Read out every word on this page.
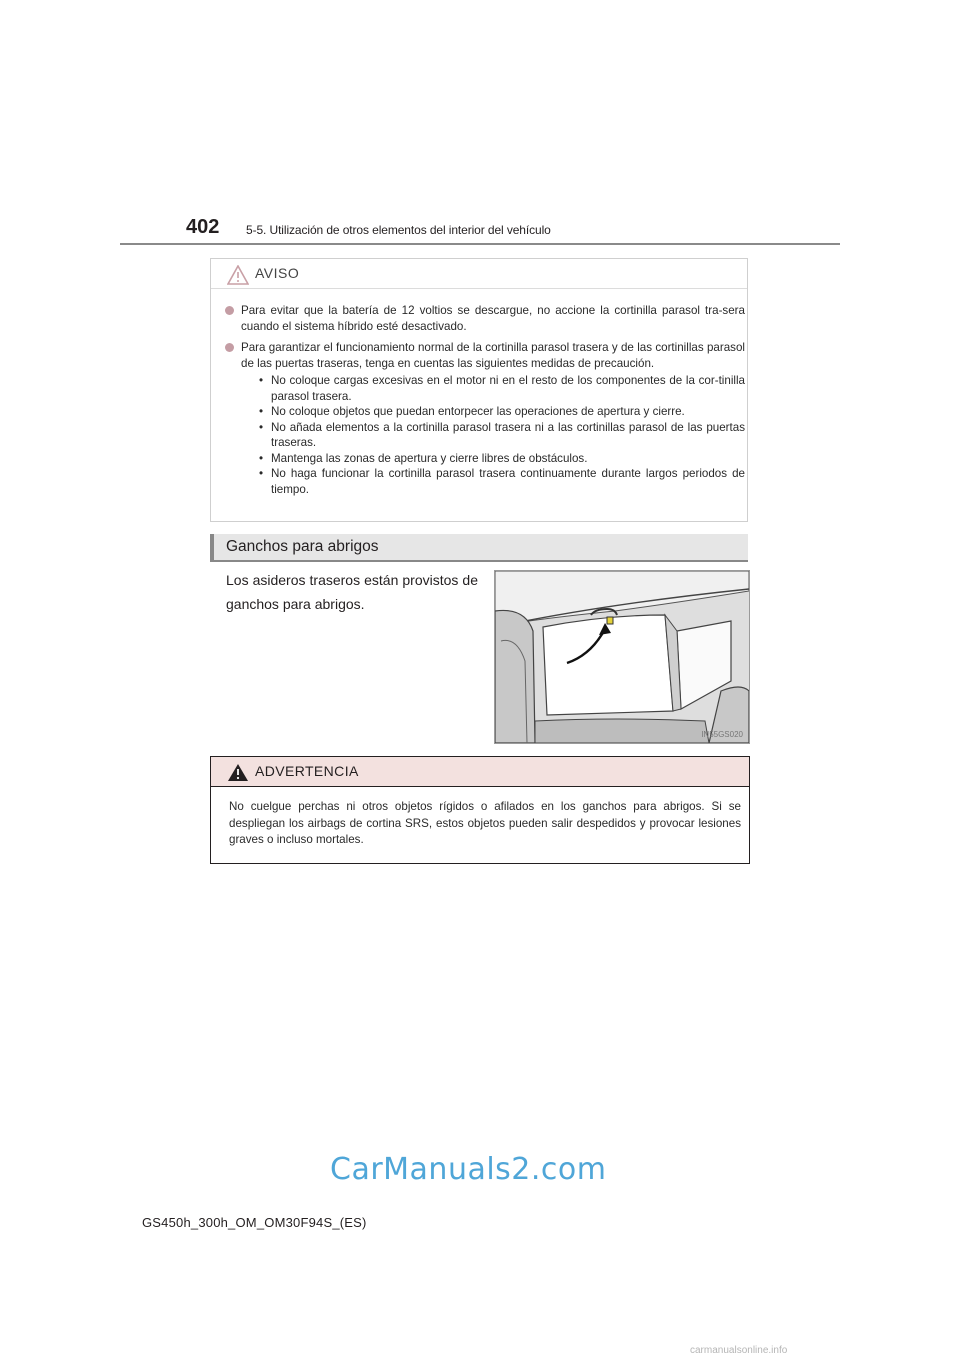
402 5-5. Utilización de otros elementos del interior del vehículo
AVISO
Para evitar que la batería de 12 voltios se descargue, no accione la cortinilla parasol tra-sera cuando el sistema híbrido esté desactivado.
Para garantizar el funcionamiento normal de la cortinilla parasol trasera y de las cortinillas parasol de las puertas traseras, tenga en cuentas las siguientes medidas de precaución.
• No coloque cargas excesivas en el motor ni en el resto de los componentes de la cor-tinilla parasol trasera.
• No coloque objetos que puedan entorpecer las operaciones de apertura y cierre.
• No añada elementos a la cortinilla parasol trasera ni a las cortinillas parasol de las puertas traseras.
• Mantenga las zonas de apertura y cierre libres de obstáculos.
• No haga funcionar la cortinilla parasol trasera continuamente durante largos periodos de tiempo.
Ganchos para abrigos
Los asideros traseros están provistos de ganchos para abrigos.
IN55GS020
ADVERTENCIA
No cuelgue perchas ni otros objetos rígidos o afilados en los ganchos para abrigos. Si se despliegan los airbags de cortina SRS, estos objetos pueden salir despedidos y provocar lesiones graves o incluso mortales.
CarManuals2.com
GS450h_300h_OM_OM30F94S_(ES)
carmanualsonline.info
